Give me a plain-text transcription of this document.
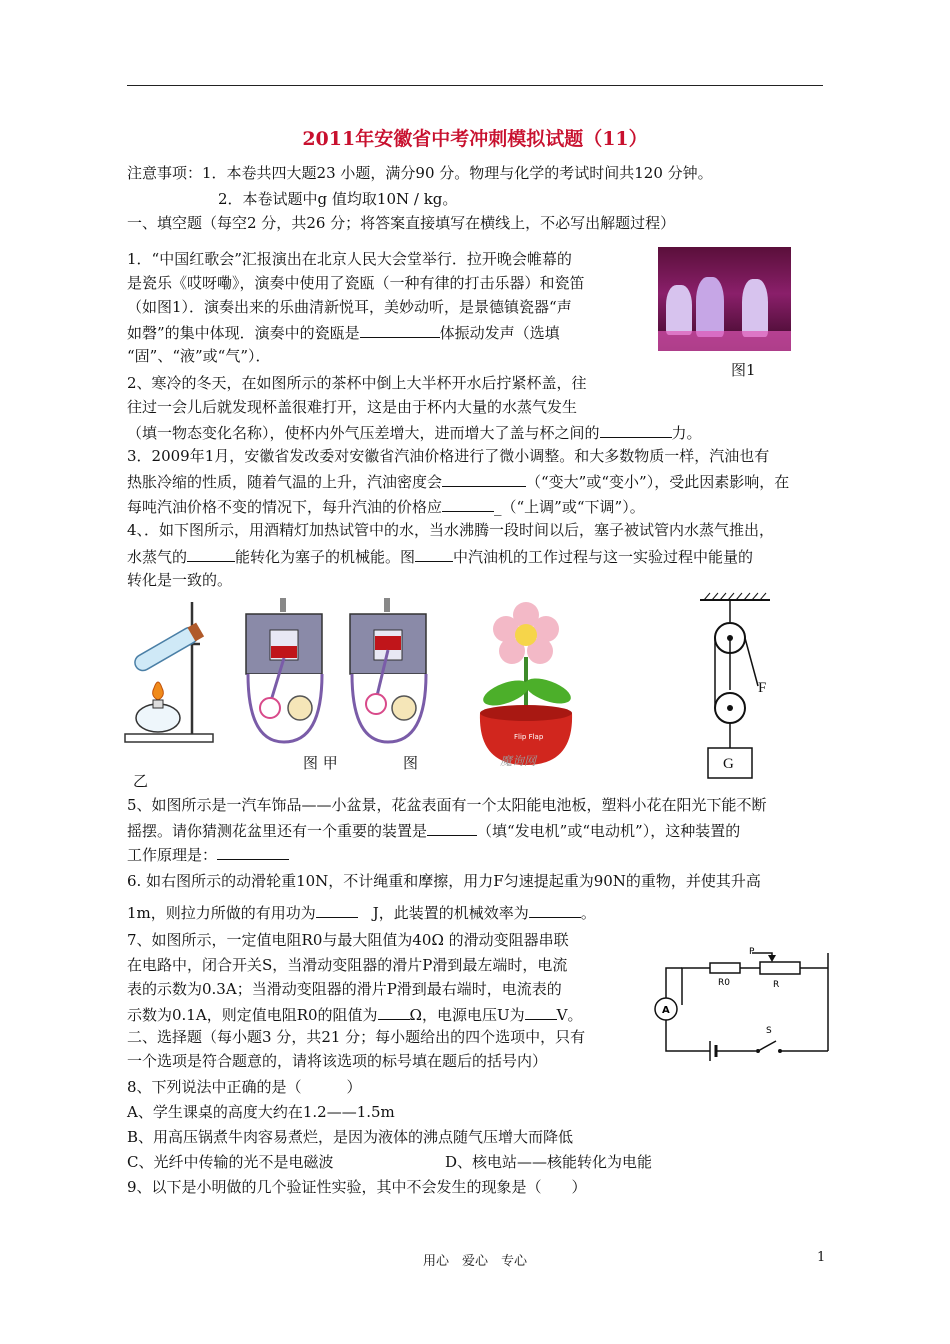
2011年安徽省中考冲刺模拟试题（11）
注意事项：1．本卷共四大题23 小题，满分90 分。物理与化学的考试时间共120 分钟。
2．本卷试题中g 值均取10N / kg。
一、填空题（每空2 分，共26 分；将答案直接填写在横线上，不必写出解题过程）
1．“中国红歌会”汇报演出在北京人民大会堂举行．拉开晚会帷幕的
是瓷乐《哎呀嘞》，演奏中使用了瓷瓯（一种有律的打击乐器）和瓷笛
（如图1）．演奏出来的乐曲清新悦耳，美妙动听，是景德镇瓷器“声
如磬”的集中体现．演奏中的瓷瓯是	体振动发声（选填
“固”、“液”或“气”）．
图1
2、寒冷的冬天，在如图所示的茶杯中倒上大半杯开水后拧紧杯盖，往
往过一会儿后就发现杯盖很难打开，这是由于杯内大量的水蒸气发生
（填一物态变化名称），使杯内外气压差增大，进而增大了盖与杯之间的	力。
3．2009年1月，安徽省发改委对安徽省汽油价格进行了微小调整。和大多数物质一样，汽油也有
热胀冷缩的性质，随着气温的上升，汽油密度会	（“变大”或“变小”），受此因素影响，在
每吨汽油价格不变的情况下，每升汽油的价格应	_（“上调”或“下调”）。
4、．如下图所示，用酒精灯加热试管中的水，当水沸腾一段时间以后，塞子被试管内水蒸气推出，
水蒸气的	能转化为塞子的机械能。图	中汽油机的工作过程与这一实验过程中能量的
转化是一致的。
图 甲	图
乙
Flip Flap
魔询网
F
G
5、如图所示是一汽车饰品——小盆景，花盆表面有一个太阳能电池板，塑料小花在阳光下能不断
摇摆。请你猜测花盆里还有一个重要的装置是	（填“发电机”或“电动机”），这种装置的
工作原理是：
6. 如右图所示的动滑轮重10N，不计绳重和摩擦，用力F匀速提起重为90N的重物，并使其升高
1m，则拉力所做的有用功为　	J，此装置的机械效率为	。
7、如图所示，一定值电阻R0与最大阻值为40Ω 的滑动变阻器串联
在电路中，闭合开关S，当滑动变阻器的滑片P滑到最左端时，电流
表的示数为0.3A；当滑动变阻器的滑片P滑到最右端时，电流表的
示数为0.1A，则定值电阻R0的阻值为 Ω，电源电压U为 V。
P
R0	R
S
A
二、选择题（每小题3 分，共21 分；每小题给出的四个选项中，只有
一个选项是符合题意的，请将该选项的标号填在题后的括号内）
8、下列说法中正确的是（　　　）
A、学生课桌的高度大约在1.2——1.5m
B、用高压锅煮牛肉容易煮烂，是因为液体的沸点随气压增大而降低
C、光纤中传输的光不是电磁波	D、核电站——核能转化为电能
9、以下是小明做的几个验证性实验，其中不会发生的现象是（　　）
用心　爱心　专心	1
